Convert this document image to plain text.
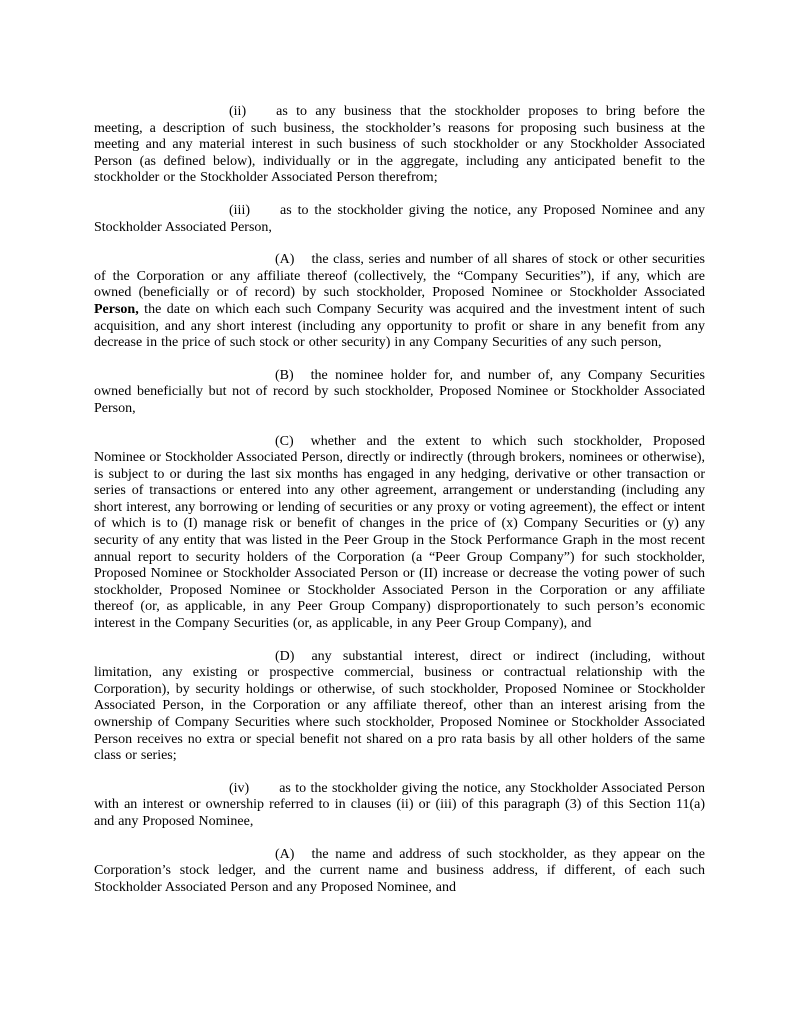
(ii) as to any business that the stockholder proposes to bring before the meeting, a description of such business, the stockholder’s reasons for proposing such business at the meeting and any material interest in such business of such stockholder or any Stockholder Associated Person (as defined below), individually or in the aggregate, including any anticipated benefit to the stockholder or the Stockholder Associated Person therefrom;

(iii) as to the stockholder giving the notice, any Proposed Nominee and any Stockholder Associated Person,

(A) the class, series and number of all shares of stock or other securities of the Corporation or any affiliate thereof (collectively, the “Company Securities”), if any, which are owned (beneficially or of record) by such stockholder, Proposed Nominee or Stockholder Associated Person, the date on which each such Company Security was acquired and the investment intent of such acquisition, and any short interest (including any opportunity to profit or share in any benefit from any decrease in the price of such stock or other security) in any Company Securities of any such person,

(B) the nominee holder for, and number of, any Company Securities owned beneficially but not of record by such stockholder, Proposed Nominee or Stockholder Associated Person,

(C) whether and the extent to which such stockholder, Proposed Nominee or Stockholder Associated Person, directly or indirectly (through brokers, nominees or otherwise), is subject to or during the last six months has engaged in any hedging, derivative or other transaction or series of transactions or entered into any other agreement, arrangement or understanding (including any short interest, any borrowing or lending of securities or any proxy or voting agreement), the effect or intent of which is to (I) manage risk or benefit of changes in the price of (x) Company Securities or (y) any security of any entity that was listed in the Peer Group in the Stock Performance Graph in the most recent annual report to security holders of the Corporation (a “Peer Group Company”) for such stockholder, Proposed Nominee or Stockholder Associated Person or (II) increase or decrease the voting power of such stockholder, Proposed Nominee or Stockholder Associated Person in the Corporation or any affiliate thereof (or, as applicable, in any Peer Group Company) disproportionately to such person’s economic interest in the Company Securities (or, as applicable, in any Peer Group Company), and

(D) any substantial interest, direct or indirect (including, without limitation, any existing or prospective commercial, business or contractual relationship with the Corporation), by security holdings or otherwise, of such stockholder, Proposed Nominee or Stockholder Associated Person, in the Corporation or any affiliate thereof, other than an interest arising from the ownership of Company Securities where such stockholder, Proposed Nominee or Stockholder Associated Person receives no extra or special benefit not shared on a pro rata basis by all other holders of the same class or series;

(iv) as to the stockholder giving the notice, any Stockholder Associated Person with an interest or ownership referred to in clauses (ii) or (iii) of this paragraph (3) of this Section 11(a) and any Proposed Nominee,

(A) the name and address of such stockholder, as they appear on the Corporation’s stock ledger, and the current name and business address, if different, of each such Stockholder Associated Person and any Proposed Nominee, and
